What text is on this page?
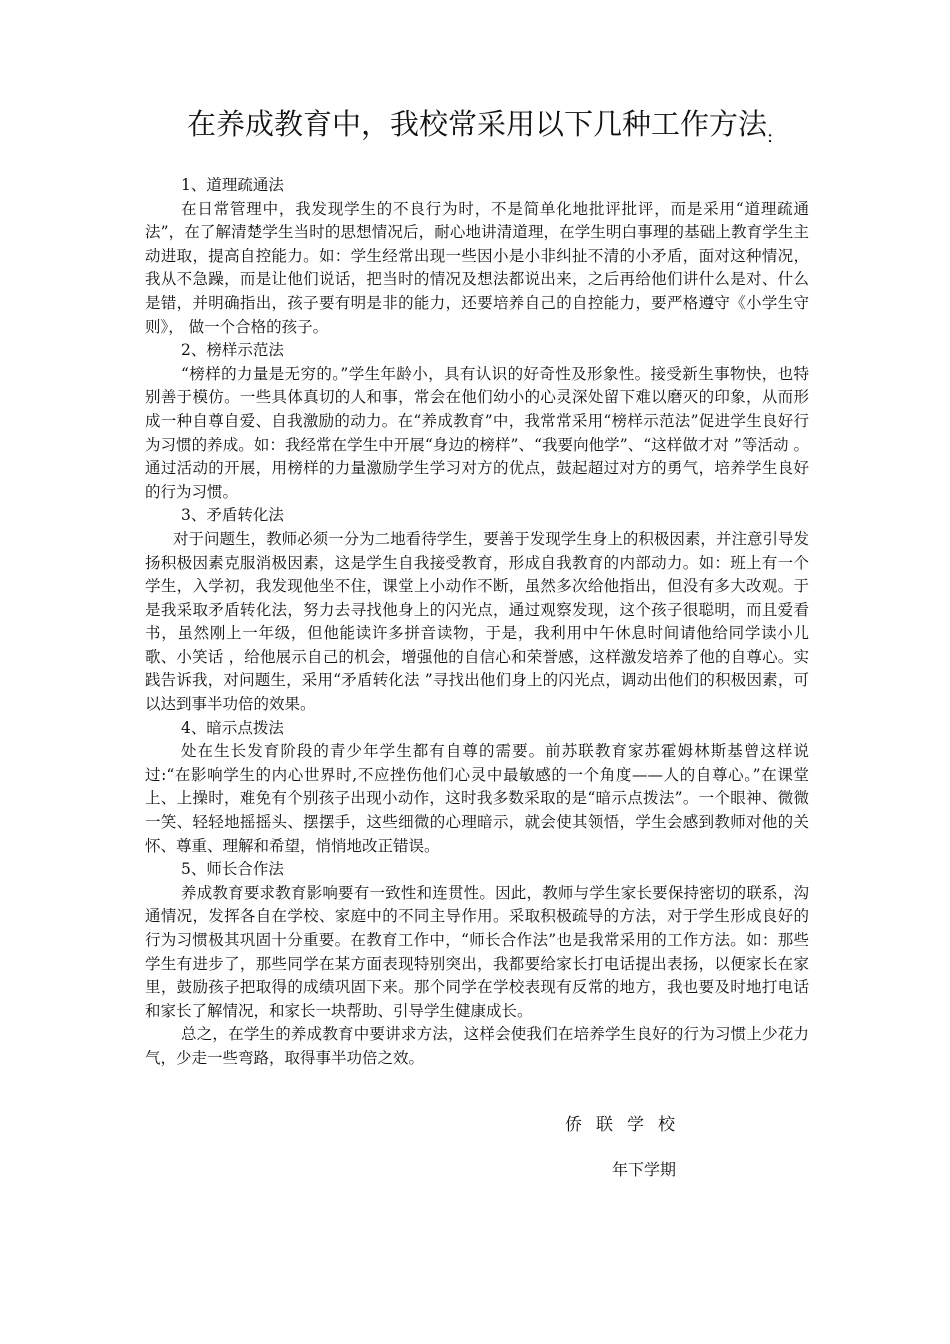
在养成教育中，我校常采用以下几种工作方法$_:$

1、道理疏通法

在日常管理中，我发现学生的不良行为时，不是简单化地批评批评，而是采用“道理疏通法”，在了解清楚学生当时的思想情况后，耐心地讲清道理，在学生明白事理的基础上教育学生主动进取，提高自控能力。如：学生经常出现一些因小是小非纠扯不清的小矛盾，面对这种情况，我从不急躁，而是让他们说话，把当时的情况及想法都说出来，之后再给他们讲什么是对、什么是错，并明确指出，孩子要有明是非的能力，还要培养自己的自控能力，要严格遵守《小学生守则》， 做一个合格的孩子。

2、榜样示范法

“榜样的力量是无穷的。”学生年龄小，具有认识的好奇性及形象性。接受新生事物快，也特别善于模仿。一些具体真切的人和事，常会在他们幼小的心灵深处留下难以磨灭的印象，从而形成一种自尊自爱、自我激励的动力。在“养成教育”中，我常常采用“榜样示范法”促进学生良好行为习惯的养成。如：我经常在学生中开展“身边的榜样”、“我要向他学”、“这样做才对 ”等活动 。通过活动的开展，用榜样的力量激励学生学习对方的优点，鼓起超过对方的勇气，培养学生良好的行为习惯。

3、矛盾转化法

对于问题生，教师必须一分为二地看待学生，要善于发现学生身上的积极因素，并注意引导发扬积极因素克服消极因素，这是学生自我接受教育，形成自我教育的内部动力。如：班上有一个学生，入学初，我发现他坐不住，课堂上小动作不断，虽然多次给他指出，但没有多大改观。于是我采取矛盾转化法，努力去寻找他身上的闪光点，通过观察发现，这个孩子很聪明，而且爱看书，虽然刚上一年级，但他能读许多拼音读物，于是，我利用中午休息时间请他给同学读小儿歌、小笑话 ，给他展示自己的机会，增强他的自信心和荣誉感，这样激发培养了他的自尊心。实践告诉我，对问题生，采用“矛盾转化法 ”寻找出他们身上的闪光点，调动出他们的积极因素，可以达到事半功倍的效果。

4、暗示点拨法

处在生长发育阶段的青少年学生都有自尊的需要。前苏联教育家苏霍姆林斯基曾这样说过:“在影响学生的内心世界时,不应挫伤他们心灵中最敏感的一个角度——人的自尊心。”在课堂上、上操时，难免有个别孩子出现小动作，这时我多数采取的是“暗示点拨法”。一个眼神、微微一笑、轻轻地摇摇头、摆摆手，这些细微的心理暗示，就会使其领悟，学生会感到教师对他的关怀、尊重、理解和希望，悄悄地改正错误。

5、师长合作法

养成教育要求教育影响要有一致性和连贯性。因此，教师与学生家长要保持密切的联系，沟通情况，发挥各自在学校、家庭中的不同主导作用。采取积极疏导的方法，对于学生形成良好的行为习惯极其巩固十分重要。在教育工作中，“师长合作法”也是我常采用的工作方法。如：那些学生有进步了，那些同学在某方面表现特别突出，我都要给家长打电话提出表扬，以便家长在家里，鼓励孩子把取得的成绩巩固下来。那个同学在学校表现有反常的地方，我也要及时地打电话和家长了解情况，和家长一块帮助、引导学生健康成长。

总之，在学生的养成教育中要讲求方法，这样会使我们在培养学生良好的行为习惯上少花力气，少走一些弯路，取得事半功倍之效。

侨联学校
年下学期
